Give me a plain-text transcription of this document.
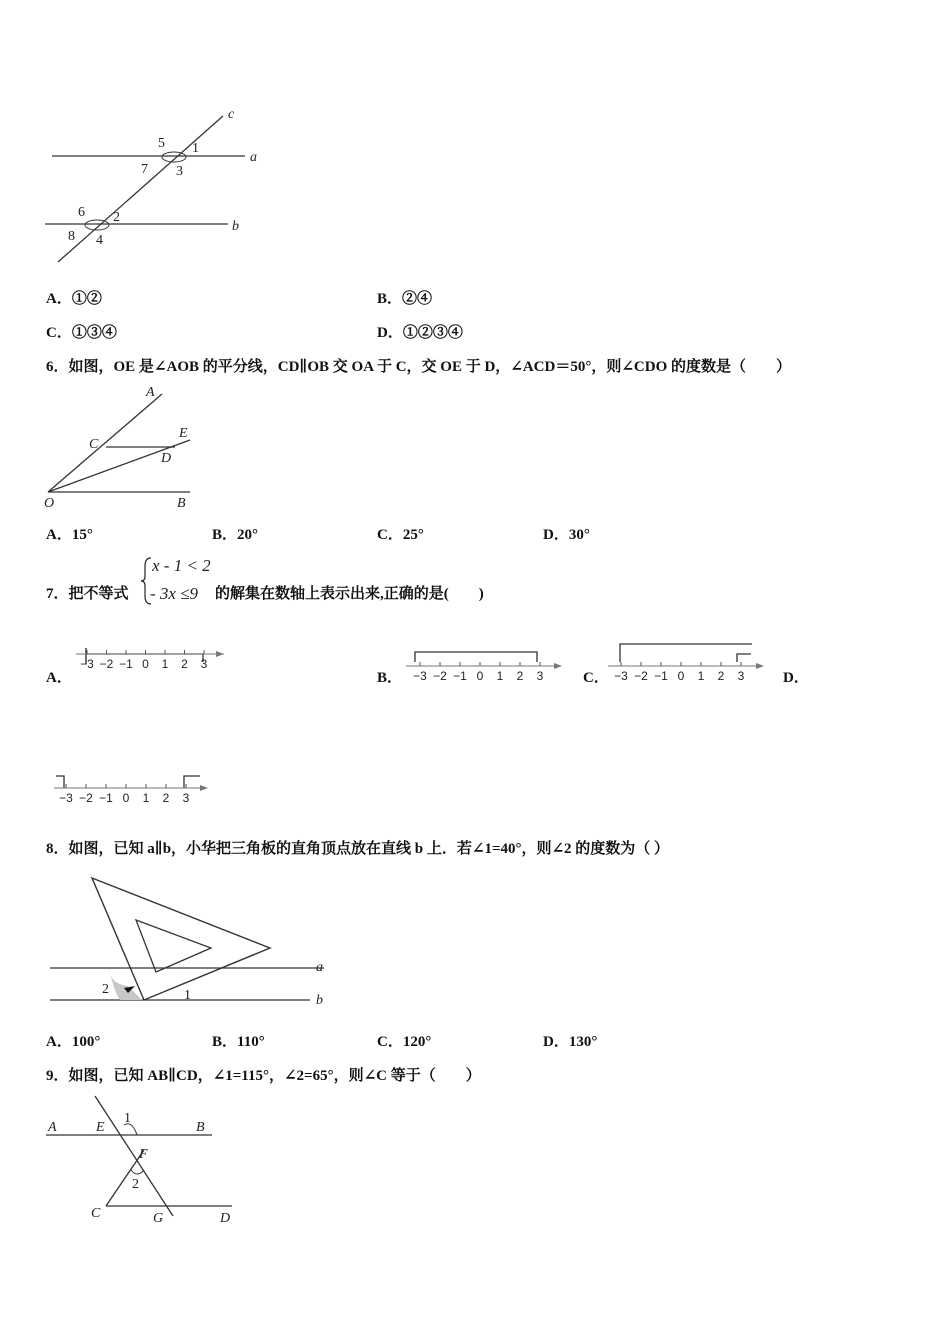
c
a
b
5 1
7 3
6 2
8 4
A．①②	B．②④
C．①③④	D．①②③④
6．如图，OE 是∠AOB 的平分线，CD∥OB 交 OA 于 C，交 OE 于 D，∠ACD＝50°，则∠CDO 的度数是（　　）
A
C
E
D
O	B
A．15°	B．20°	C．25°	D．30°
7．把不等式
x - 1 < 2
- 3x ≤9 的解集在数轴上表示出来,正确的是(　　)
A．	B．	C．	D．
−3 −2 −1 0 1 2 3
−3 −2 −1 0 1 2 3	−3 −2 −1 0 1 2 3
−3 −2 −1 0 1 2 3
8．如图，已知 a∥b，小华把三角板的直角顶点放在直线 b 上．若∠1=40°，则∠2 的度数为（ ）
a
b
1
2
A．100°	B．110°	C．120°	D．130°
9．如图，已知 AB∥CD，∠1=115°，∠2=65°，则∠C 等于（　　）
A	E
1
B
F
2
C	G	D
